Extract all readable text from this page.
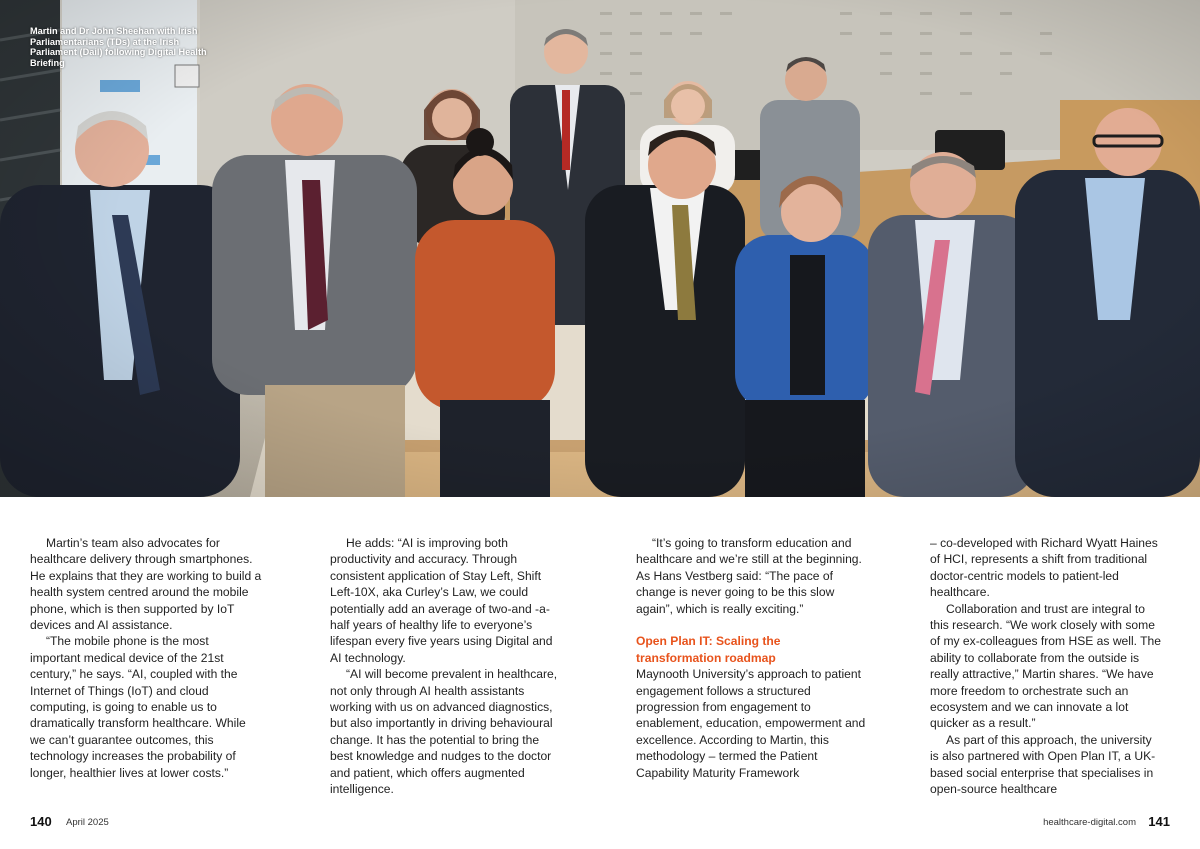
Martin and Dr John Sheehan with Irish Parliamentarians (TDs) at the Irish Parliament (Dail) following Digital Health Briefing

Martin’s team also advocates for healthcare delivery through smartphones. He explains that they are working to build a health system centred around the mobile phone, which is then supported by IoT devices and AI assistance.

“The mobile phone is the most important medical device of the 21st century,” he says. “AI, coupled with the Internet of Things (IoT) and cloud computing, is going to enable us to dramatically transform healthcare. While we can’t guarantee outcomes, this technology increases the probability of longer, healthier lives at lower costs.”

He adds: “AI is improving both productivity and accuracy. Through consistent application of Stay Left, Shift Left-10X, aka Curley’s Law, we could potentially add an average of two-and -a-half years of healthy life to everyone’s lifespan every five years using Digital and AI technology.

“AI will become prevalent in healthcare, not only through AI health assistants working with us on advanced diagnostics, but also importantly in driving behavioural change. It has the potential to bring the best knowledge and nudges to the doctor and patient, which offers augmented intelligence.

“It’s going to transform education and healthcare and we’re still at the beginning. As Hans Vestberg said: “The pace of change is never going to be this slow again”, which is really exciting.”

Open Plan IT: Scaling the transformation roadmap

Maynooth University’s approach to patient engagement follows a structured progression from engagement to enablement, education, empowerment and excellence. According to Martin, this methodology – termed the Patient Capability Maturity Framework

– co-developed with Richard Wyatt Haines of HCI, represents a shift from traditional doctor-centric models to patient-led healthcare.

Collaboration and trust are integral to this research. “We work closely with some of my ex-colleagues from HSE as well. The ability to collaborate from the outside is really attractive,” Martin shares. “We have more freedom to orchestrate such an ecosystem and we can innovate a lot quicker as a result.”

As part of this approach, the university is also partnered with Open Plan IT, a UK-based social enterprise that specialises in open-source healthcare

140 April 2025	healthcare-digital.com 141
